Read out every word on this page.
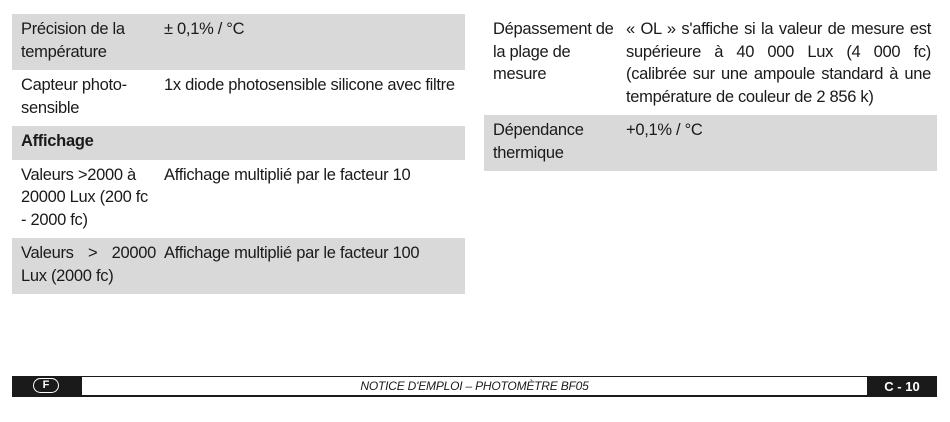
Précision de la température
± 0,1% / °C
Capteur photo-sensible
1x diode photosensible silicone avec filtre
Affichage
Valeurs >2000 à 20000 Lux (200 fc - 2000 fc)
Affichage multiplié par le facteur 10
Valeurs > 20000 Lux (2000 fc)
Affichage multiplié par le facteur 100
Dépassement de la plage de mesure
« OL » s'affiche si la valeur de mesure est supérieure à 40 000 Lux (4 000 fc) (calibrée sur une ampoule standard à une température de couleur de 2 856 k)
Dépendance thermique
+0,1% / °C
F	NOTICE D'EMPLOI – PHOTOMÈTRE BF05	C - 10
